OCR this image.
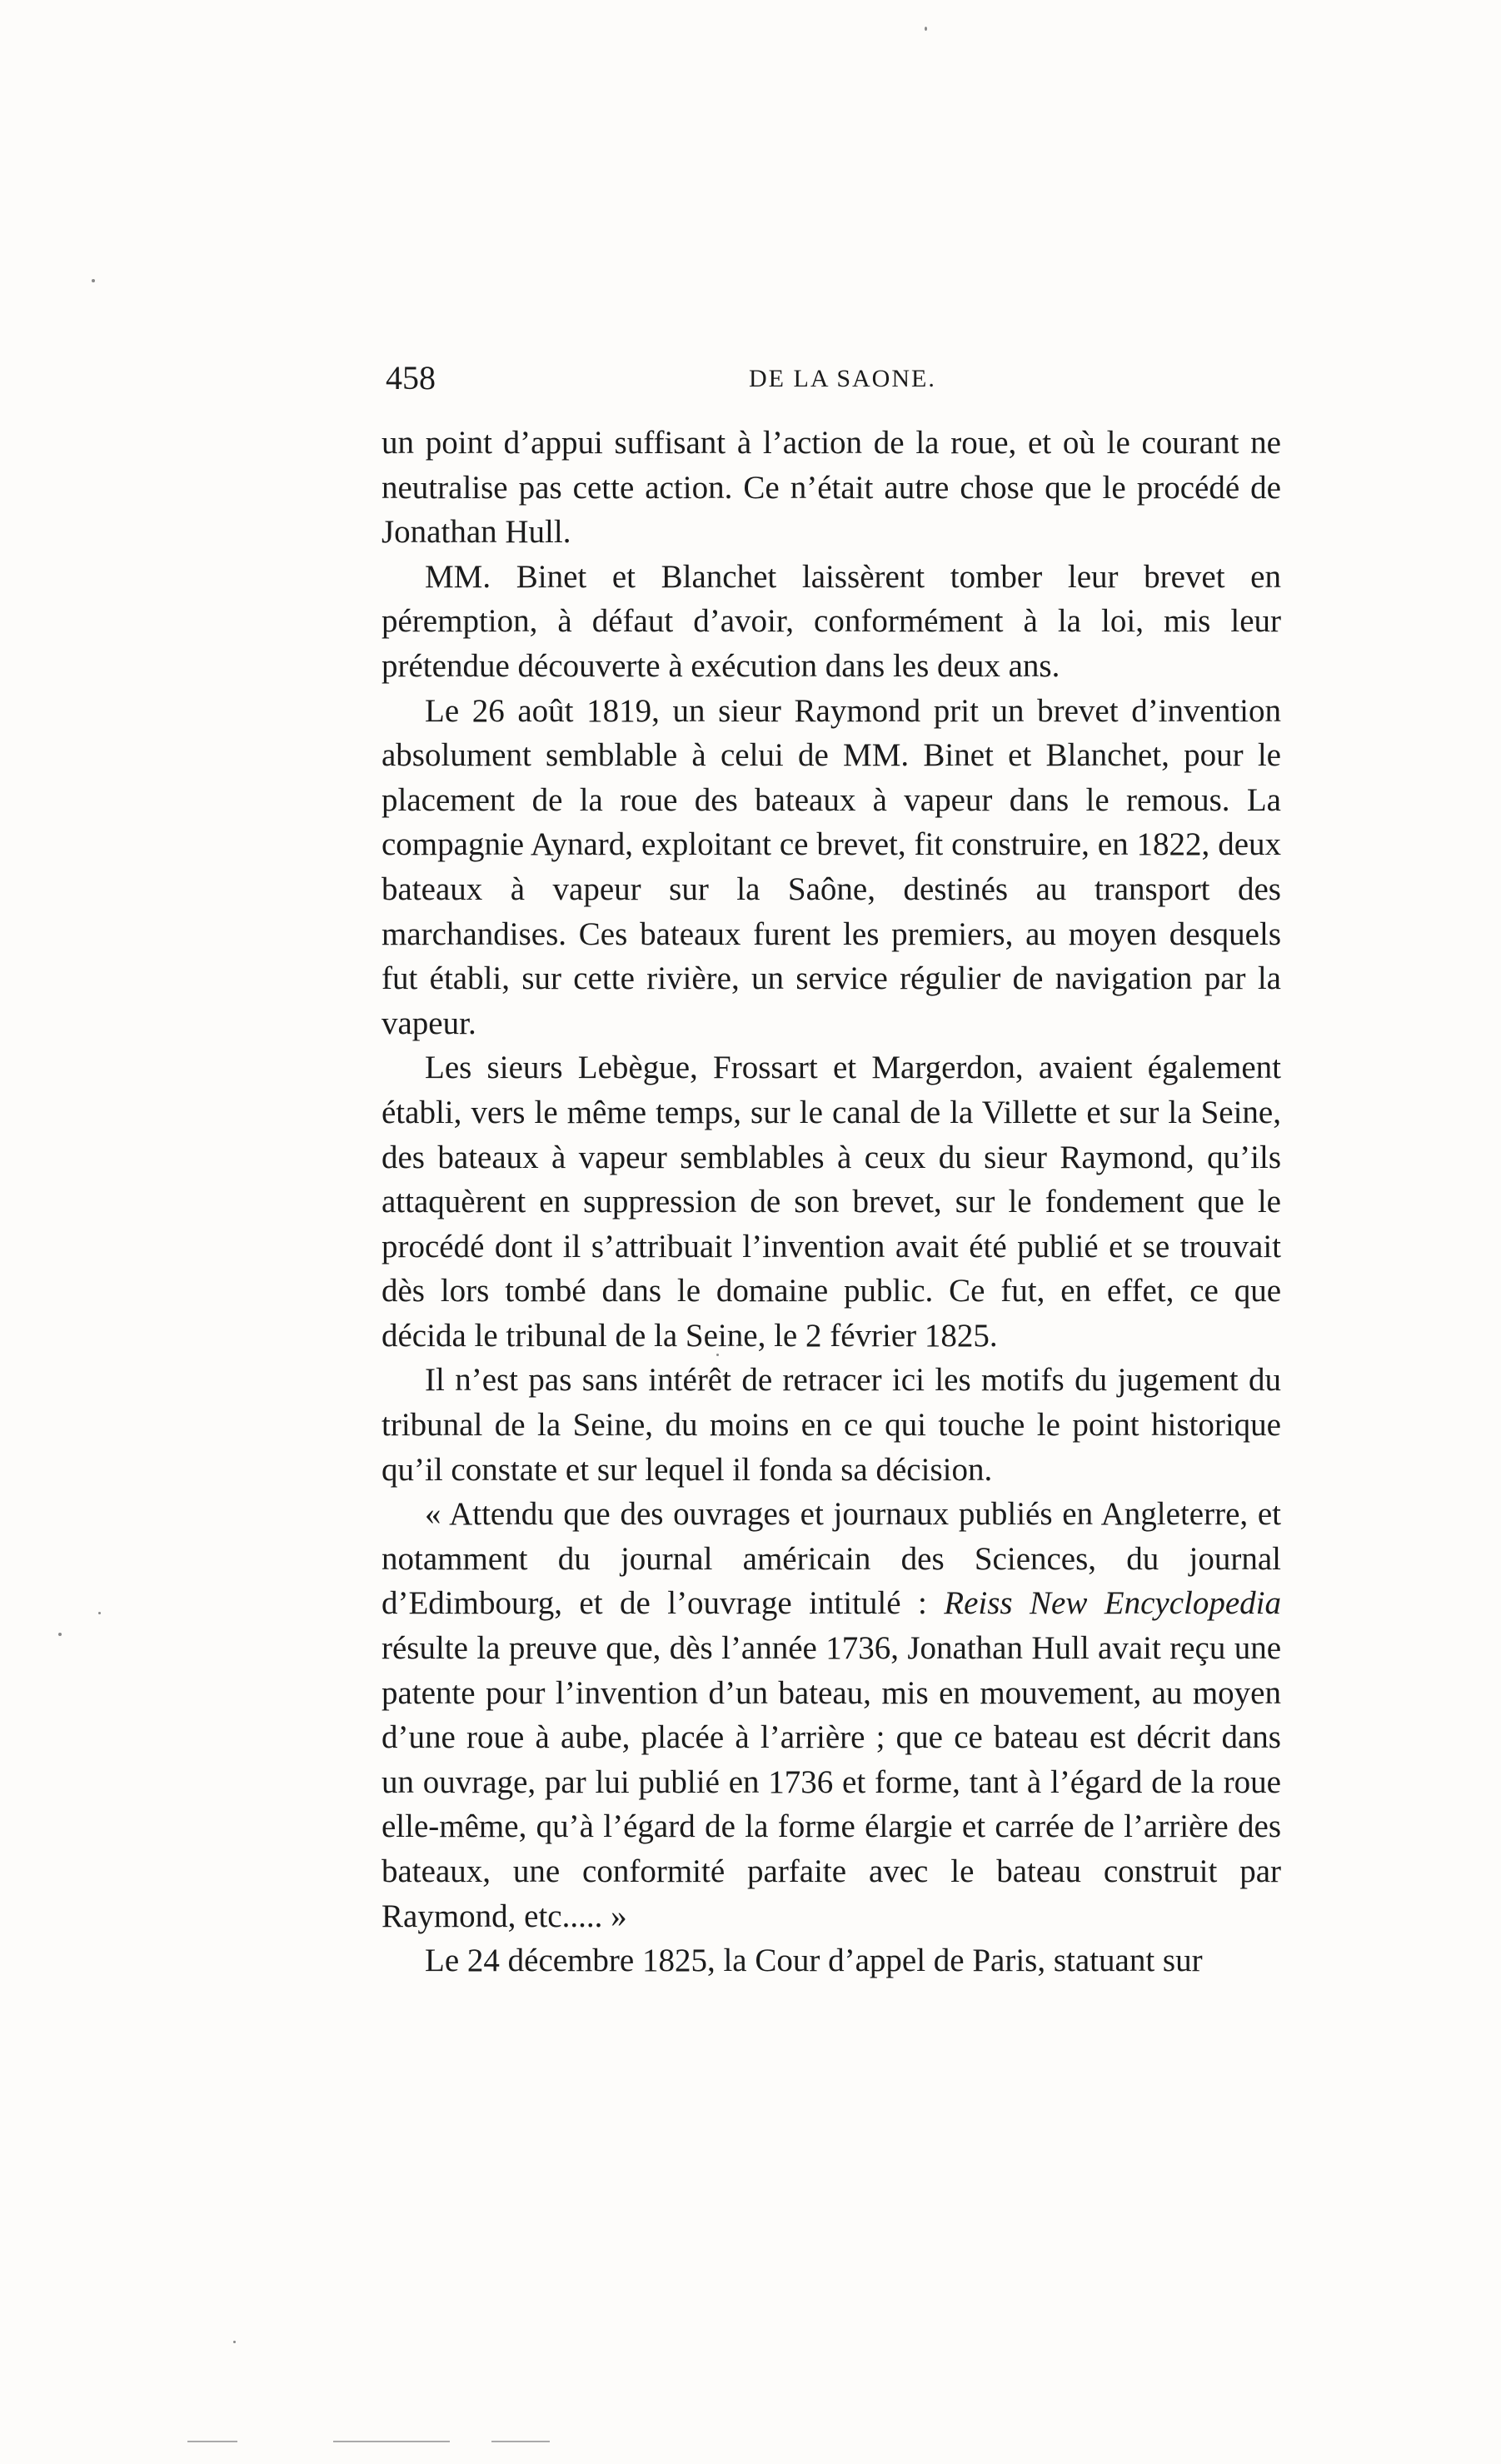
458	DE LA SAONE.

un point d’appui suffisant à l’action de la roue, et où le courant ne neutralise pas cette action. Ce n’était autre chose que le procédé de Jonathan Hull.

MM. Binet et Blanchet laissèrent tomber leur brevet en péremption, à défaut d’avoir, conformément à la loi, mis leur prétendue découverte à exécution dans les deux ans.

Le 26 août 1819, un sieur Raymond prit un brevet d’invention absolument semblable à celui de MM. Binet et Blanchet, pour le placement de la roue des bateaux à vapeur dans le remous. La compagnie Aynard, exploitant ce brevet, fit construire, en 1822, deux bateaux à vapeur sur la Saône, destinés au transport des marchandises. Ces bateaux furent les premiers, au moyen desquels fut établi, sur cette rivière, un service régulier de navigation par la vapeur.

Les sieurs Lebègue, Frossart et Margerdon, avaient également établi, vers le même temps, sur le canal de la Villette et sur la Seine, des bateaux à vapeur semblables à ceux du sieur Raymond, qu’ils attaquèrent en suppression de son brevet, sur le fondement que le procédé dont il s’attribuait l’invention avait été publié et se trouvait dès lors tombé dans le domaine public. Ce fut, en effet, ce que décida le tribunal de la Seine, le 2 février 1825.

Il n’est pas sans intérêt de retracer ici les motifs du jugement du tribunal de la Seine, du moins en ce qui touche le point historique qu’il constate et sur lequel il fonda sa décision.

« Attendu que des ouvrages et journaux publiés en Angleterre, et notamment du journal américain des Sciences, du journal d’Edimbourg, et de l’ouvrage intitulé : Reiss New Encyclopedia résulte la preuve que, dès l’année 1736, Jonathan Hull avait reçu une patente pour l’invention d’un bateau, mis en mouvement, au moyen d’une roue à aube, placée à l’arrière ; que ce bateau est décrit dans un ouvrage, par lui publié en 1736 et forme, tant à l’égard de la roue elle-même, qu’à l’égard de la forme élargie et carrée de l’arrière des bateaux, une conformité parfaite avec le bateau construit par Raymond, etc..... »

Le 24 décembre 1825, la Cour d’appel de Paris, statuant sur
